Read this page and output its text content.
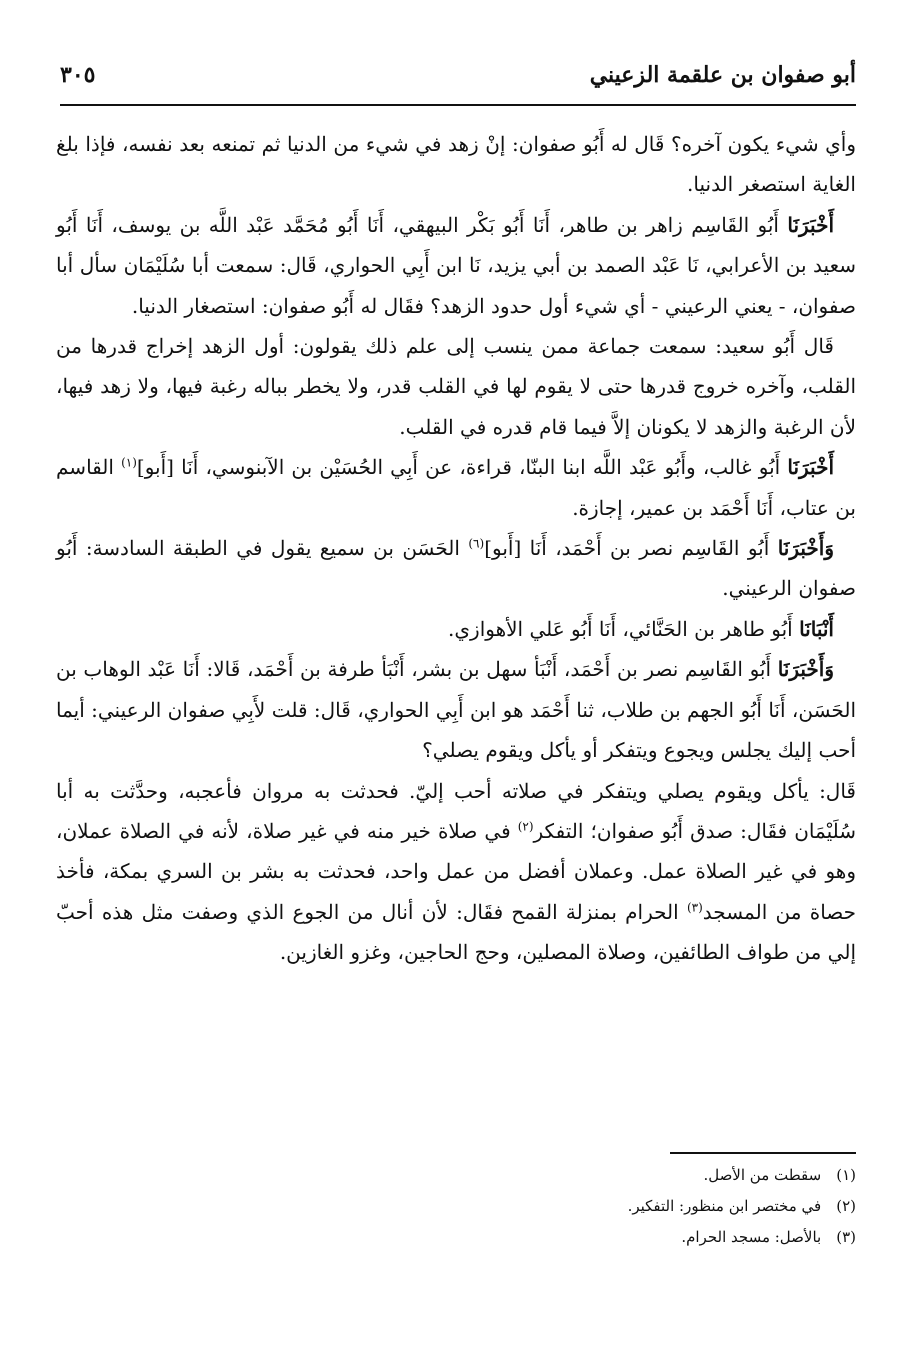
أبو صفوان بن علقمة الزعيني
٣٠٥

وأي شيء يكون آخره؟ قَال له أَبُو صفوان: إنْ زهد في شيء من الدنيا ثم تمنعه بعد نفسه، فإذا بلغ الغاية استصغر الدنيا.

أَخْبَرَنَا أَبُو القَاسِم زاهر بن طاهر، أَنَا أَبُو بَكْر البيهقي، أَنَا أَبُو مُحَمَّد عَبْد اللَّه بن يوسف، أَنَا أَبُو سعيد بن الأعرابي، نَا عَبْد الصمد بن أبي يزيد، نَا ابن أَبِي الحواري، قَال: سمعت أبا سُلَيْمَان سأل أبا صفوان، - يعني الرعيني - أي شيء أول حدود الزهد؟ فقَال له أَبُو صفوان: استصغار الدنيا.

قَال أَبُو سعيد: سمعت جماعة ممن ينسب إلى علم ذلك يقولون: أول الزهد إخراج قدرها من القلب، وآخره خروج قدرها حتى لا يقوم لها في القلب قدر، ولا يخطر بباله رغبة فيها، ولا زهد فيها، لأن الرغبة والزهد لا يكونان إلاَّ فيما قام قدره في القلب.

أَخْبَرَنَا أَبُو غالب، وأَبُو عَبْد اللَّه ابنا البنّا، قراءة، عن أَبِي الحُسَيْن بن الآبنوسي، أَنَا [أَبو]$^{(١)}$ القاسم بن عتاب، أَنَا أَحْمَد بن عمير، إجازة.

وَأَخْبَرَنَا أَبُو القَاسِم نصر بن أَحْمَد، أَنَا [أَبو]$^{(٦)}$ الحَسَن بن سميع يقول في الطبقة السادسة: أَبُو صفوان الرعيني.

أَنْبَانَا أَبُو طاهر بن الحَنَّائي، أَنَا أَبُو عَلي الأهوازي.

وَأَخْبَرَنَا أَبُو القَاسِم نصر بن أَحْمَد، أَنْبَأ سهل بن بشر، أَنْبَأ طرفة بن أَحْمَد، قَالا: أَنَا عَبْد الوهاب بن الحَسَن، أَنَا أَبُو الجهم بن طلاب، ثنا أَحْمَد هو ابن أَبِي الحواري، قَال: قلت لأَبِي صفوان الرعيني: أيما أحب إليك يجلس ويجوع ويتفكر أو يأكل ويقوم يصلي؟

قَال: يأكل ويقوم يصلي ويتفكر في صلاته أحب إليّ. فحدثت به مروان فأعجبه، وحدَّثت به أبا سُلَيْمَان فقَال: صدق أَبُو صفوان؛ التفكر$^{(٢)}$ في صلاة خير منه في غير صلاة، لأنه في الصلاة عملان، وهو في غير الصلاة عمل. وعملان أفضل من عمل واحد، فحدثت به بشر بن السري بمكة، فأخذ حصاة من المسجد$^{(٣)}$ الحرام بمنزلة القمح فقَال: لأن أنال من الجوع الذي وصفت مثل هذه أحبّ إلي من طواف الطائفين، وصلاة المصلين، وحج الحاجين، وغزو الغازين.

(١) سقطت من الأصل.
(٢) في مختصر ابن منظور: التفكير.
(٣) بالأصل: مسجد الحرام.
